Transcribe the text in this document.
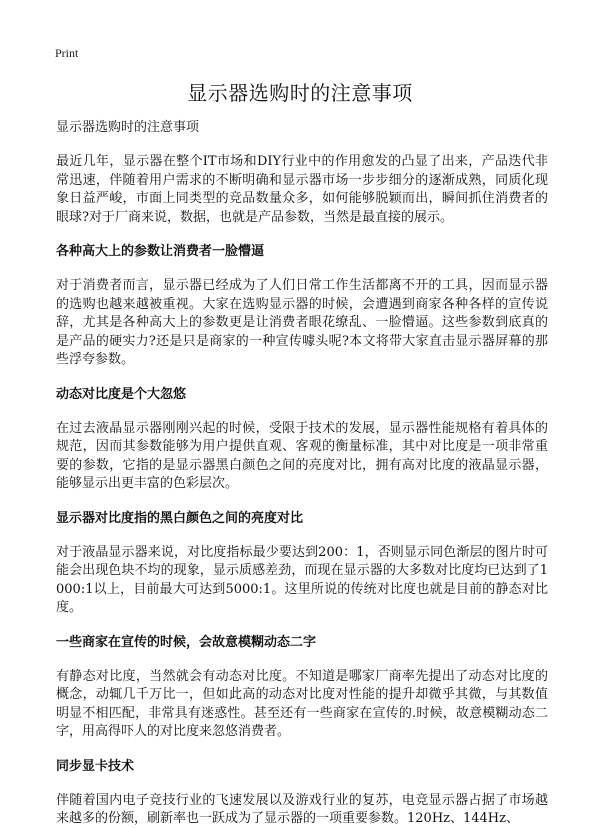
Print
显示器选购时的注意事项

显示器选购时的注意事项

最近几年，显示器在整个IT市场和DIY行业中的作用愈发的凸显了出来，产品迭代非常迅速，伴随着用户需求的不断明确和显示器市场一步步细分的逐渐成熟，同质化现象日益严峻，市面上同类型的竞品数量众多，如何能够脱颖而出，瞬间抓住消费者的眼球?对于厂商来说，数据，也就是产品参数，当然是最直接的展示。

各种高大上的参数让消费者一脸懵逼

对于消费者而言，显示器已经成为了人们日常工作生活都离不开的工具，因而显示器的选购也越来越被重视。大家在选购显示器的时候，会遭遇到商家各种各样的宣传说辞，尤其是各种高大上的参数更是让消费者眼花缭乱、一脸懵逼。这些参数到底真的是产品的硬实力?还是只是商家的一种宣传噱头呢?本文将带大家直击显示器屏幕的那些浮夸参数。

动态对比度是个大忽悠

在过去液晶显示器刚刚兴起的时候，受限于技术的发展，显示器性能规格有着具体的规范，因而其参数能够为用户提供直观、客观的衡量标准，其中对比度是一项非常重要的参数，它指的是显示器黑白颜色之间的亮度对比，拥有高对比度的液晶显示器，能够显示出更丰富的色彩层次。

显示器对比度指的黑白颜色之间的亮度对比

对于液晶显示器来说，对比度指标最少要达到200：1，否则显示同色渐层的图片时可能会出现色块不均的现象，显示质感差劲，而现在显示器的大多数对比度均已达到了1000:1以上，目前最大可达到5000:1。这里所说的传统对比度也就是目前的静态对比度。

一些商家在宣传的时候，会故意模糊动态二字

有静态对比度，当然就会有动态对比度。不知道是哪家厂商率先提出了动态对比度的概念，动辄几千万比一，但如此高的动态对比度对性能的提升却微乎其微，与其数值明显不相匹配，非常具有迷惑性。甚至还有一些商家在宣传的.时候，故意模糊动态二字，用高得吓人的对比度来忽悠消费者。

同步显卡技术

伴随着国内电子竞技行业的飞速发展以及游戏行业的复苏，电竞显示器占据了市场越来越多的份额，刷新率也一跃成为了显示器的一项重要参数。120Hz、144Hz、
